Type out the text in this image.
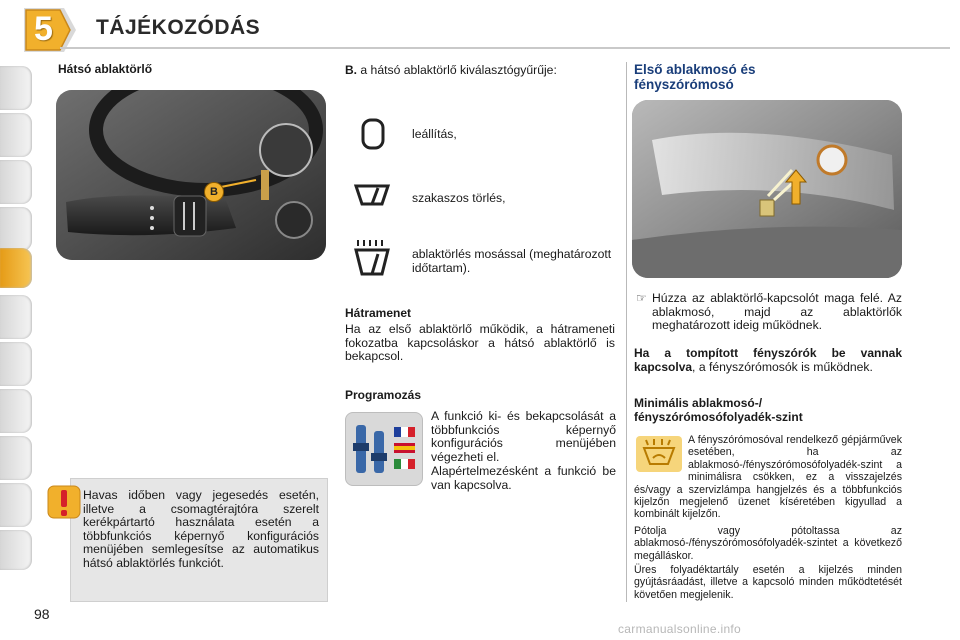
5 TÁJÉKOZÓDÁS
Hátsó ablaktörlő
B
Havas időben vagy jegesedés esetén, illetve a csomagtérajtóra szerelt kerékpártartó használata esetén a többfunkciós képernyő konfigurációs menüjében semlegesítse az automatikus hátsó ablaktörlés funkciót.
B. a hátsó ablaktörlő kiválasztógyűrűje:
leállítás,
szakaszos törlés,
ablaktörlés mosással (meghatározott időtartam).
Hátramenet
Ha az első ablaktörlő működik, a hátrameneti fokozatba kapcsoláskor a hátsó ablaktörlő is bekapcsol.
Programozás
A funkció ki- és bekapcsolását a többfunkciós képernyő konfigurációs menüjében végezheti el.
Alapértelmezésként a funkció be van kapcsolva.
Első ablakmosó és fényszórómosó
☞ Húzza az ablaktörlő-kapcsolót maga felé. Az ablakmosó, majd az ablaktörlők meghatározott ideig működnek.
Ha a tompított fényszórók be vannak kapcsolva, a fényszórómosók is működnek.
Minimális ablakmosó-/ fényszórómosófolyadék-szint
A fényszórómosóval rendelkező gépjárművek esetében, ha az ablakmosó-/fényszórómosófolyadék-szint a minimálisra csökken, ez a visszajelzés és/vagy a szervizlámpa hangjelzés és a többfunkciós kijelzőn megjelenő üzenet kíséretében kigyullad a kombinált kijelzőn.
Pótolja vagy pótoltassa az ablakmosó-/fényszórómosófolyadék-szintet a következő megálláskor.
Üres folyadéktartály esetén a kijelzés minden gyújtásráadást, illetve a kapcsoló minden működtetését követően megjelenik.
98
carmanualsonline.info
